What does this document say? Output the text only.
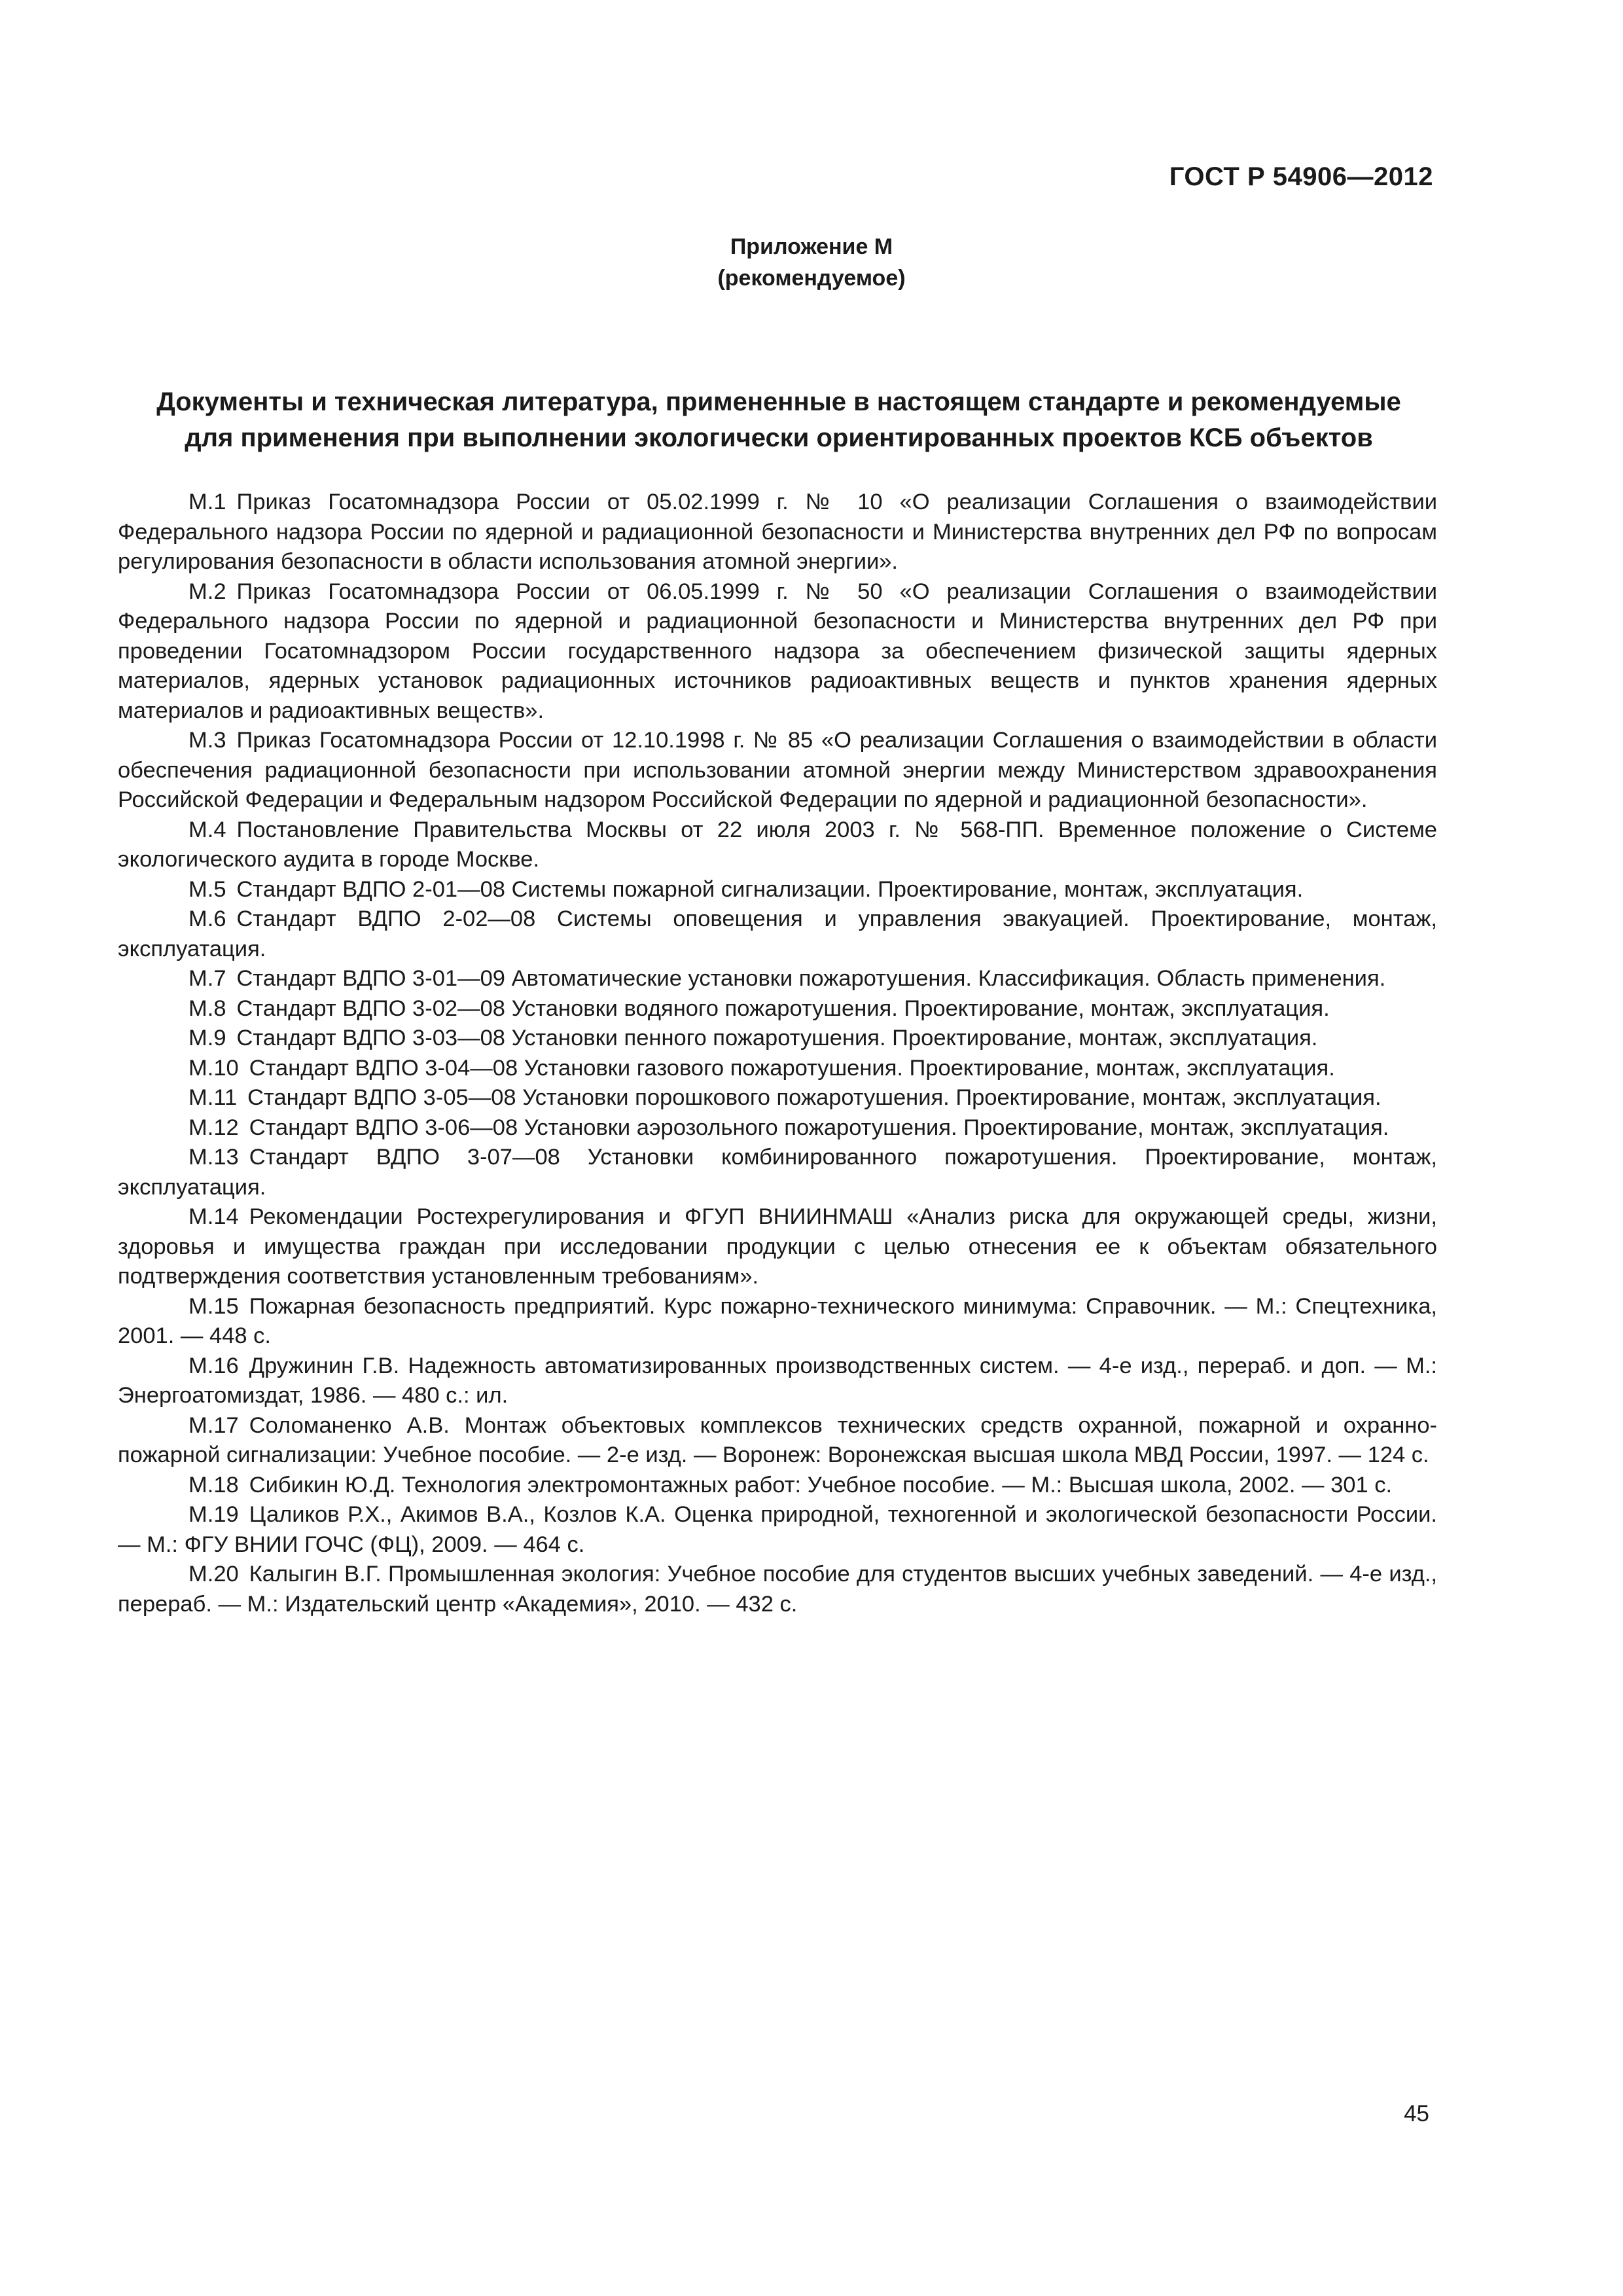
ГОСТ Р 54906—2012
Приложение М
(рекомендуемое)
Документы и техническая литература, примененные в настоящем стандарте и рекомендуемые
для применения при выполнении экологически ориентированных проектов КСБ объектов

М.1 Приказ Госатомнадзора России от 05.02.1999 г. № 10 «О реализации Соглашения о взаимодействии Федерального надзора России по ядерной и радиационной безопасности и Министерства внутренних дел РФ по вопросам регулирования безопасности в области использования атомной энергии».

М.2 Приказ Госатомнадзора России от 06.05.1999 г. № 50 «О реализации Соглашения о взаимодействии Федерального надзора России по ядерной и радиационной безопасности и Министерства внутренних дел РФ при проведении Госатомнадзором России государственного надзора за обеспечением физической защиты ядерных материалов, ядерных установок радиационных источников радиоактивных веществ и пунктов хранения ядерных материалов и радиоактивных веществ».

М.3 Приказ Госатомнадзора России от 12.10.1998 г. № 85 «О реализации Соглашения о взаимодействии в области обеспечения радиационной безопасности при использовании атомной энергии между Министерством здравоохранения Российской Федерации и Федеральным надзором Российской Федерации по ядерной и радиационной безопасности».

М.4 Постановление Правительства Москвы от 22 июля 2003 г. № 568-ПП. Временное положение о Системе экологического аудита в городе Москве.

М.5 Стандарт ВДПО 2-01—08 Системы пожарной сигнализации. Проектирование, монтаж, эксплуатация.

М.6 Стандарт ВДПО 2-02—08 Системы оповещения и управления эвакуацией. Проектирование, монтаж, эксплуатация.

М.7 Стандарт ВДПО 3-01—09 Автоматические установки пожаротушения. Классификация. Область применения.

М.8 Стандарт ВДПО 3-02—08 Установки водяного пожаротушения. Проектирование, монтаж, эксплуатация.

М.9 Стандарт ВДПО 3-03—08 Установки пенного пожаротушения. Проектирование, монтаж, эксплуатация.

М.10 Стандарт ВДПО 3-04—08 Установки газового пожаротушения. Проектирование, монтаж, эксплуатация.

М.11 Стандарт ВДПО 3-05—08 Установки порошкового пожаротушения. Проектирование, монтаж, эксплуатация.

М.12 Стандарт ВДПО 3-06—08 Установки аэрозольного пожаротушения. Проектирование, монтаж, эксплуатация.

М.13 Стандарт ВДПО 3-07—08 Установки комбинированного пожаротушения. Проектирование, монтаж, эксплуатация.

М.14 Рекомендации Ростехрегулирования и ФГУП ВНИИНМАШ «Анализ риска для окружающей среды, жизни, здоровья и имущества граждан при исследовании продукции с целью отнесения ее к объектам обязательного подтверждения соответствия установленным требованиям».

М.15 Пожарная безопасность предприятий. Курс пожарно-технического минимума: Справочник. — М.: Спецтехника, 2001. — 448 с.

М.16 Дружинин Г.В. Надежность автоматизированных производственных систем. — 4-е изд., перераб. и доп. — М.: Энергоатомиздат, 1986. — 480 с.: ил.

М.17 Соломаненко А.В. Монтаж объектовых комплексов технических средств охранной, пожарной и охранно-пожарной сигнализации: Учебное пособие. — 2-е изд. — Воронеж: Воронежская высшая школа МВД России, 1997. — 124 с.

М.18 Сибикин Ю.Д. Технология электромонтажных работ: Учебное пособие. — М.: Высшая школа, 2002. — 301 с.

М.19 Цаликов Р.Х., Акимов В.А., Козлов К.А. Оценка природной, техногенной и экологической безопасности России. — М.: ФГУ ВНИИ ГОЧС (ФЦ), 2009. — 464 с.

М.20 Калыгин В.Г. Промышленная экология: Учебное пособие для студентов высших учебных заведений. — 4-е изд., перераб. — М.: Издательский центр «Академия», 2010. — 432 с.

45
